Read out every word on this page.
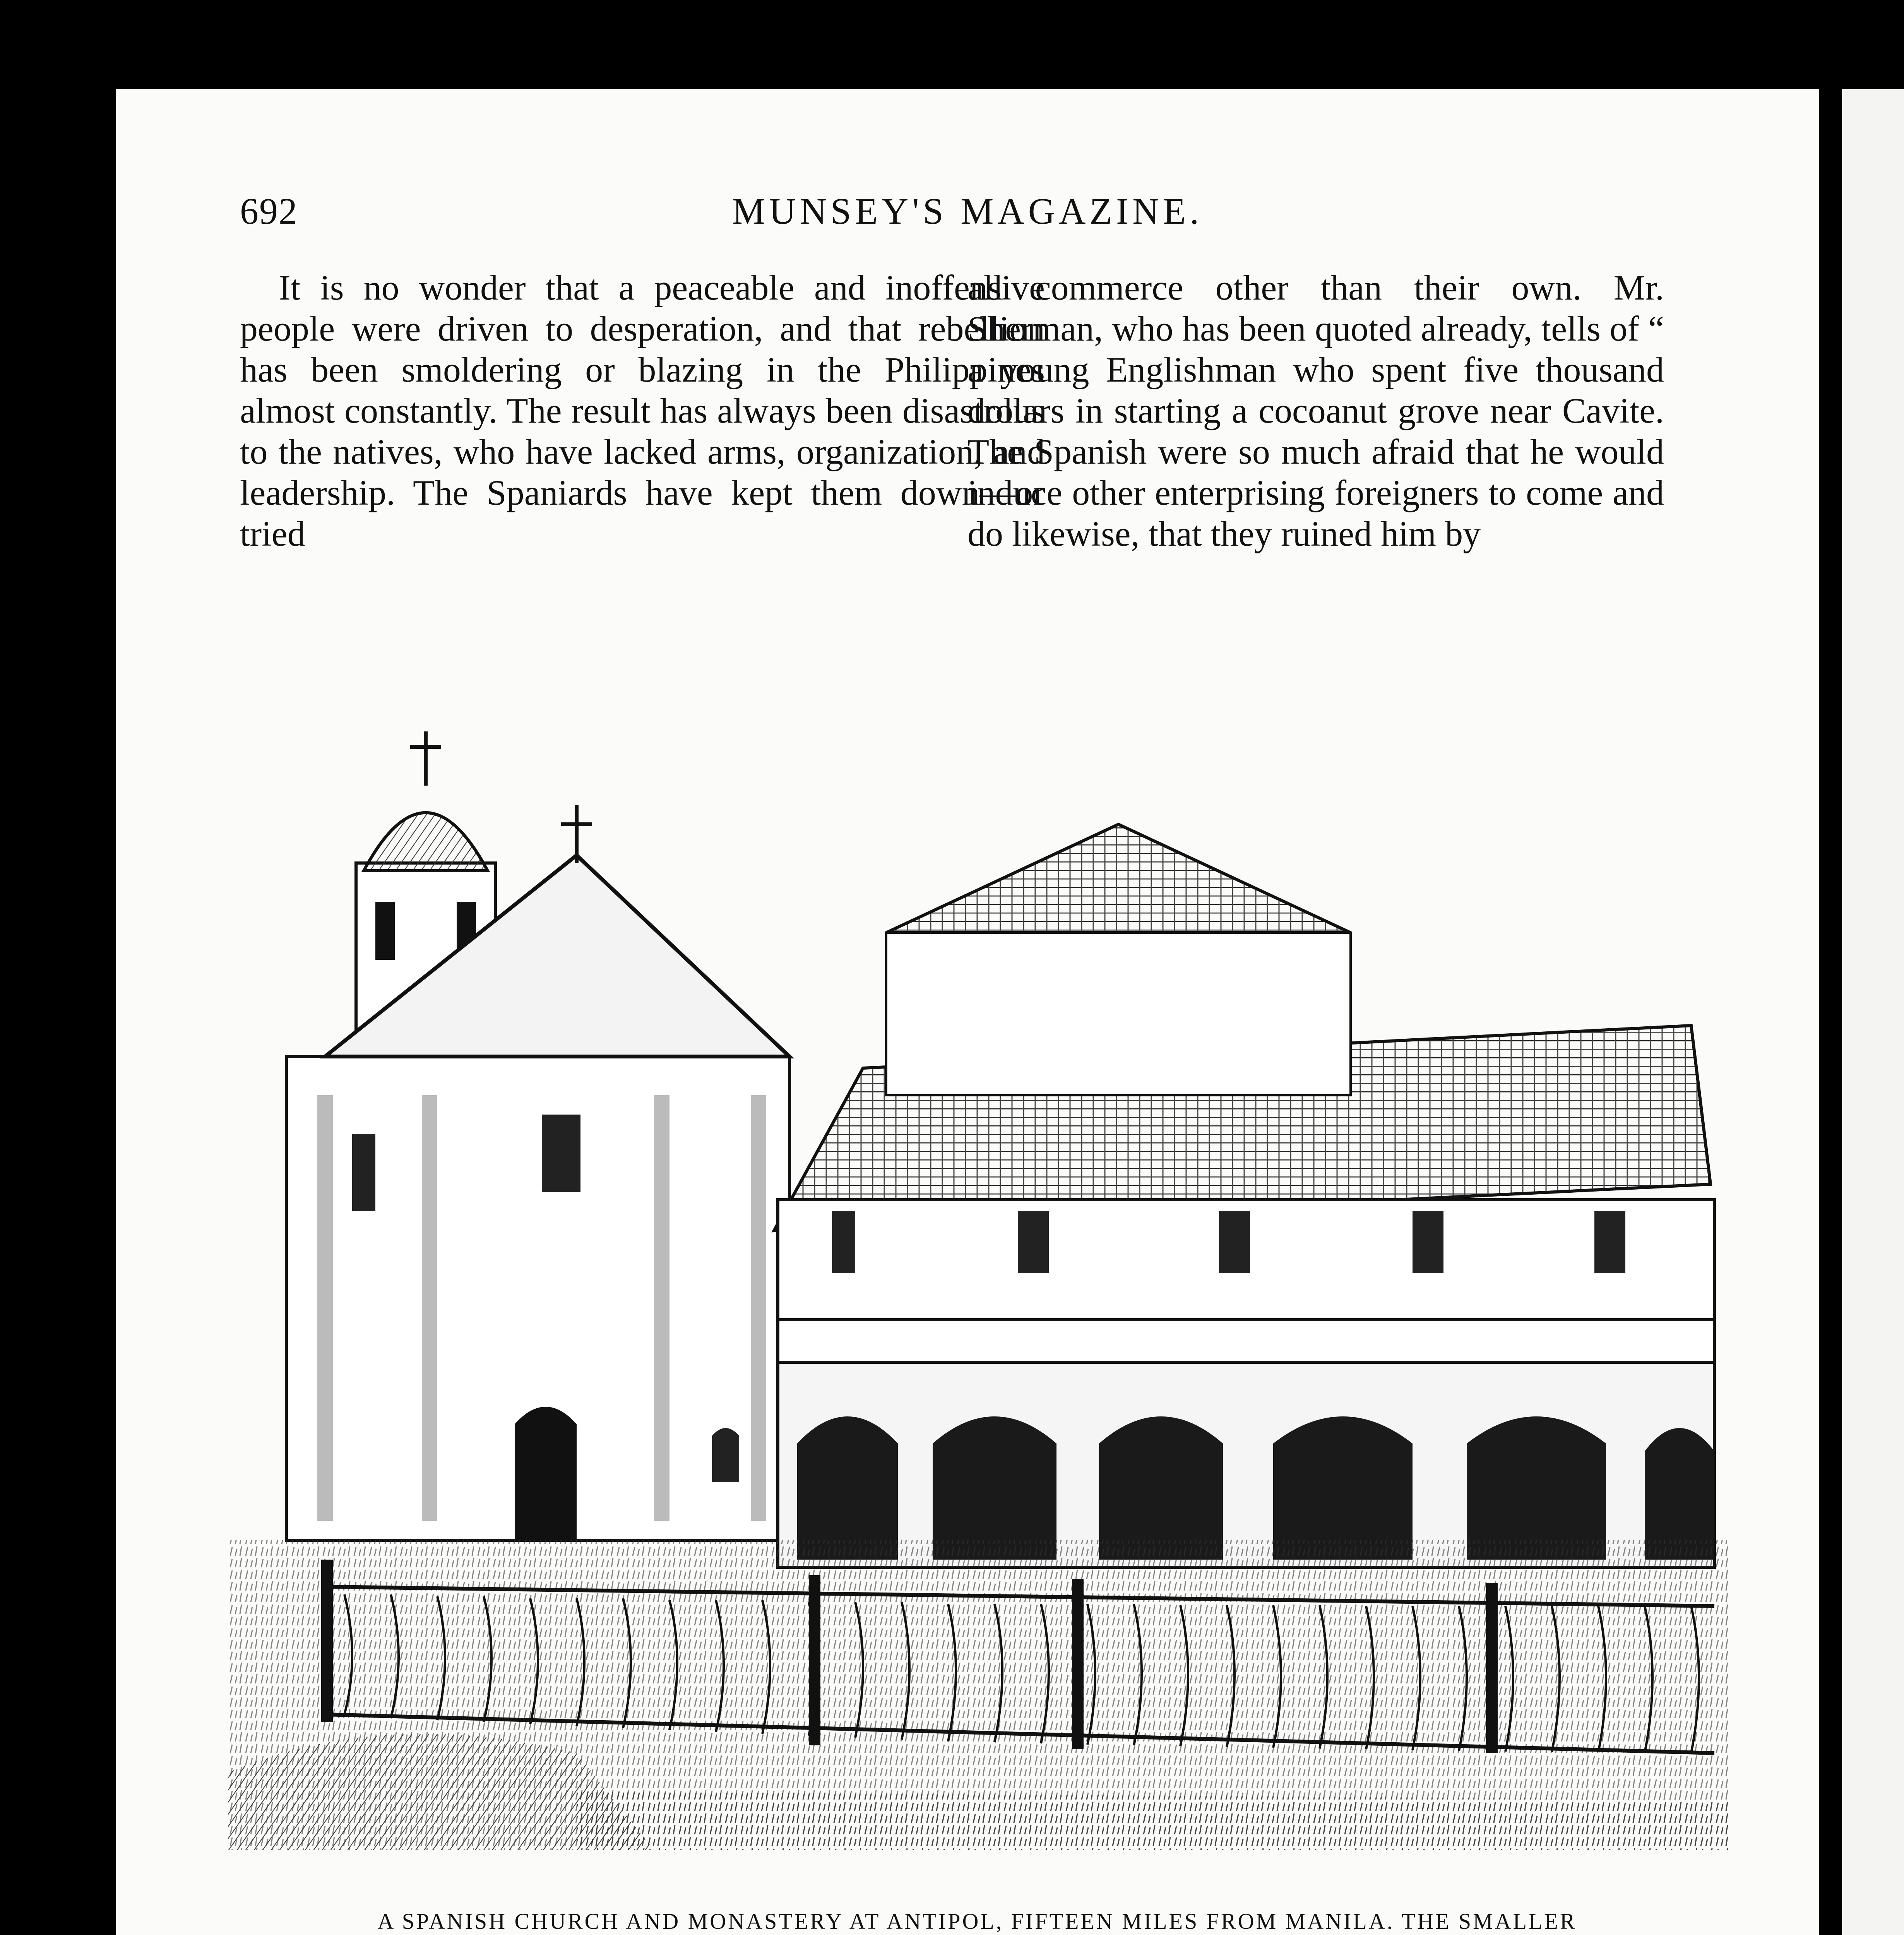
MUNSEY'S MAGAZINE.
692

It is no wonder that a peaceable and inoffensive people were driven to desperation, and that rebellion has been smoldering or blazing in the Philippines almost constantly. The result has always been disastrous to the natives, who have lacked arms, organization, and leadership. The Spaniards have kept them down—or tried

all commerce other than their own. Mr. Sherman, who has been quoted already, tells of “ a young Englishman who spent five thousand dollars in starting a cocoanut grove near Cavite. The Spanish were so much afraid that he would induce other enterprising foreigners to come and do likewise, that they ruined him by

A SPANISH CHURCH AND MONASTERY AT ANTIPOL, FIFTEEN MILES FROM MANILA. THE SMALLER
